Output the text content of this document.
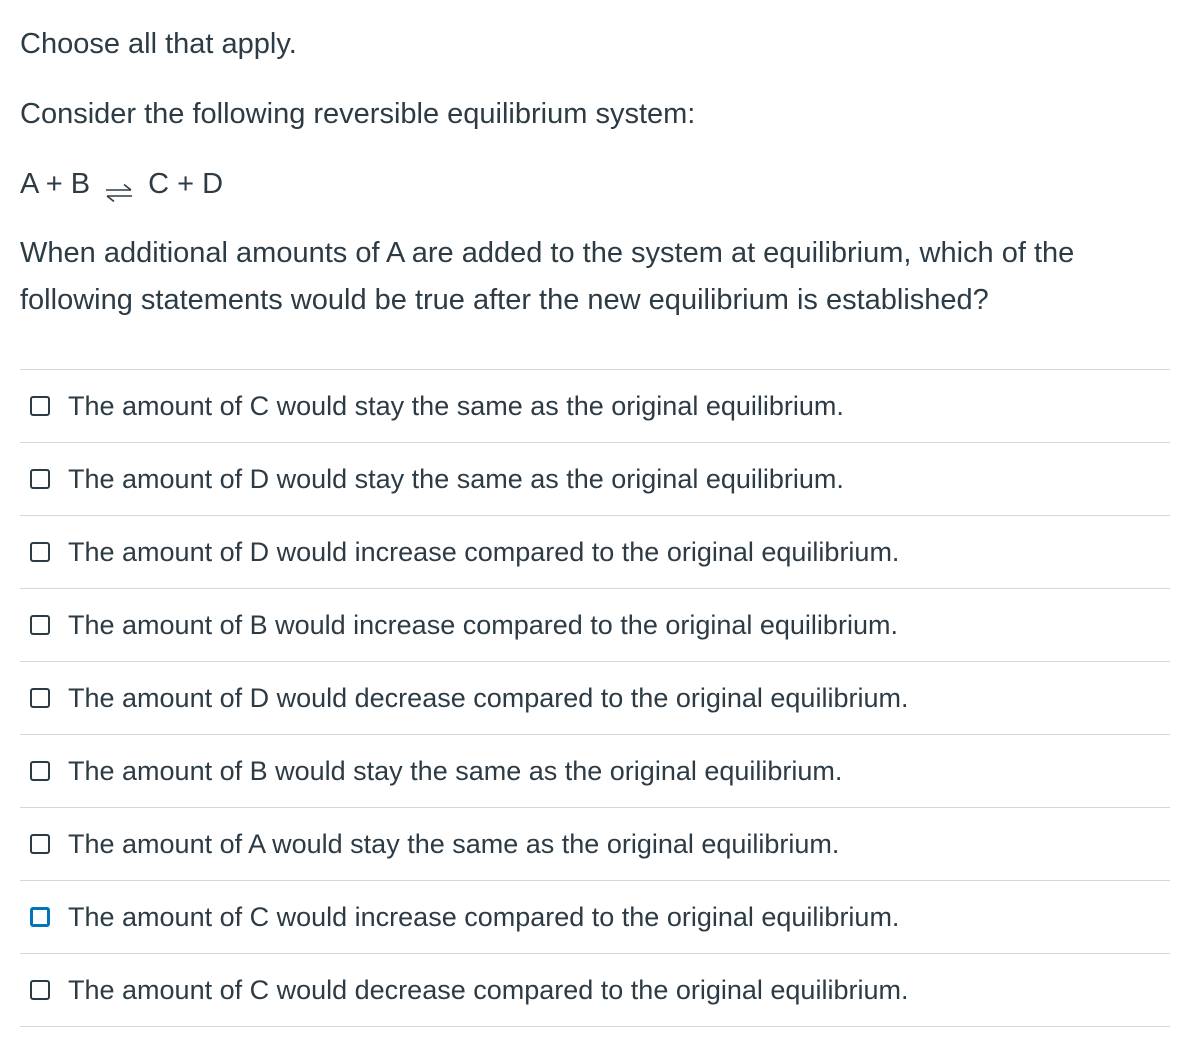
Choose all that apply.
Consider the following reversible equilibrium system:
A + B ⇌ C + D
When additional amounts of A are added to the system at equilibrium, which of the following statements would be true after the new equilibrium is established?
The amount of C would stay the same as the original equilibrium.
The amount of D would stay the same as the original equilibrium.
The amount of D would increase compared to the original equilibrium.
The amount of B would increase compared to the original equilibrium.
The amount of D would decrease compared to the original equilibrium.
The amount of B would stay the same as the original equilibrium.
The amount of A would stay the same as the original equilibrium.
The amount of C would increase compared to the original equilibrium.
The amount of C would decrease compared to the original equilibrium.
